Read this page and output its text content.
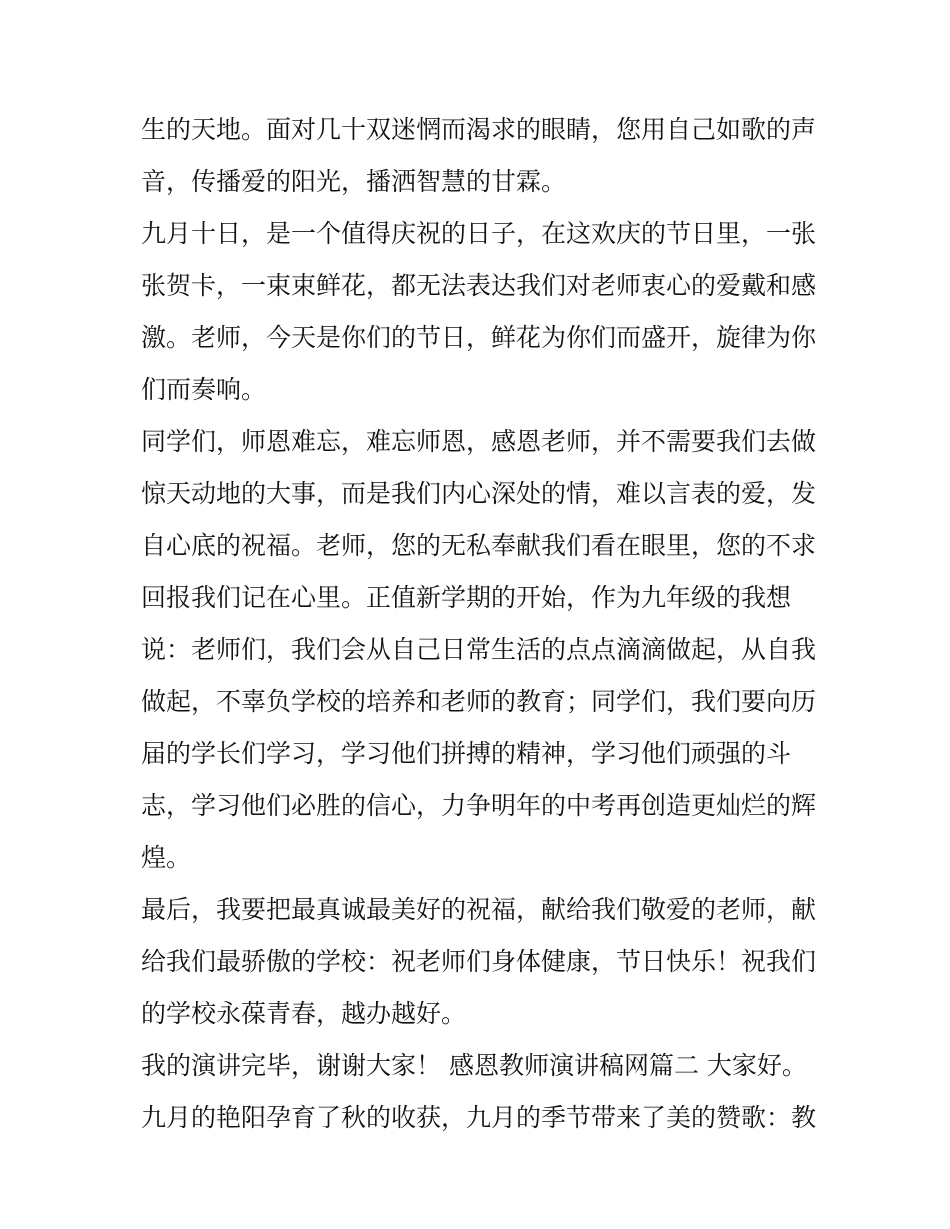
生的天地。面对几十双迷惘而渴求的眼睛，您用自己如歌的声
音，传播爱的阳光，播洒智慧的甘霖。
九月十日，是一个值得庆祝的日子，在这欢庆的节日里，一张
张贺卡，一束束鲜花，都无法表达我们对老师衷心的爱戴和感
激。老师，今天是你们的节日，鲜花为你们而盛开，旋律为你
们而奏响。
同学们，师恩难忘，难忘师恩，感恩老师，并不需要我们去做
惊天动地的大事，而是我们内心深处的情，难以言表的爱，发
自心底的祝福。老师，您的无私奉献我们看在眼里，您的不求
回报我们记在心里。正值新学期的开始，作为九年级的我想
说：老师们，我们会从自己日常生活的点点滴滴做起，从自我
做起，不辜负学校的培养和老师的教育；同学们，我们要向历
届的学长们学习，学习他们拼搏的精神，学习他们顽强的斗
志，学习他们必胜的信心，力争明年的中考再创造更灿烂的辉
煌。
最后，我要把最真诚最美好的祝福，献给我们敬爱的老师，献
给我们最骄傲的学校：祝老师们身体健康，节日快乐！祝我们
的学校永葆青春，越办越好。
我的演讲完毕，谢谢大家！ 感恩教师演讲稿网篇二 大家好。
九月的艳阳孕育了秋的收获，九月的季节带来了美的赞歌：教
